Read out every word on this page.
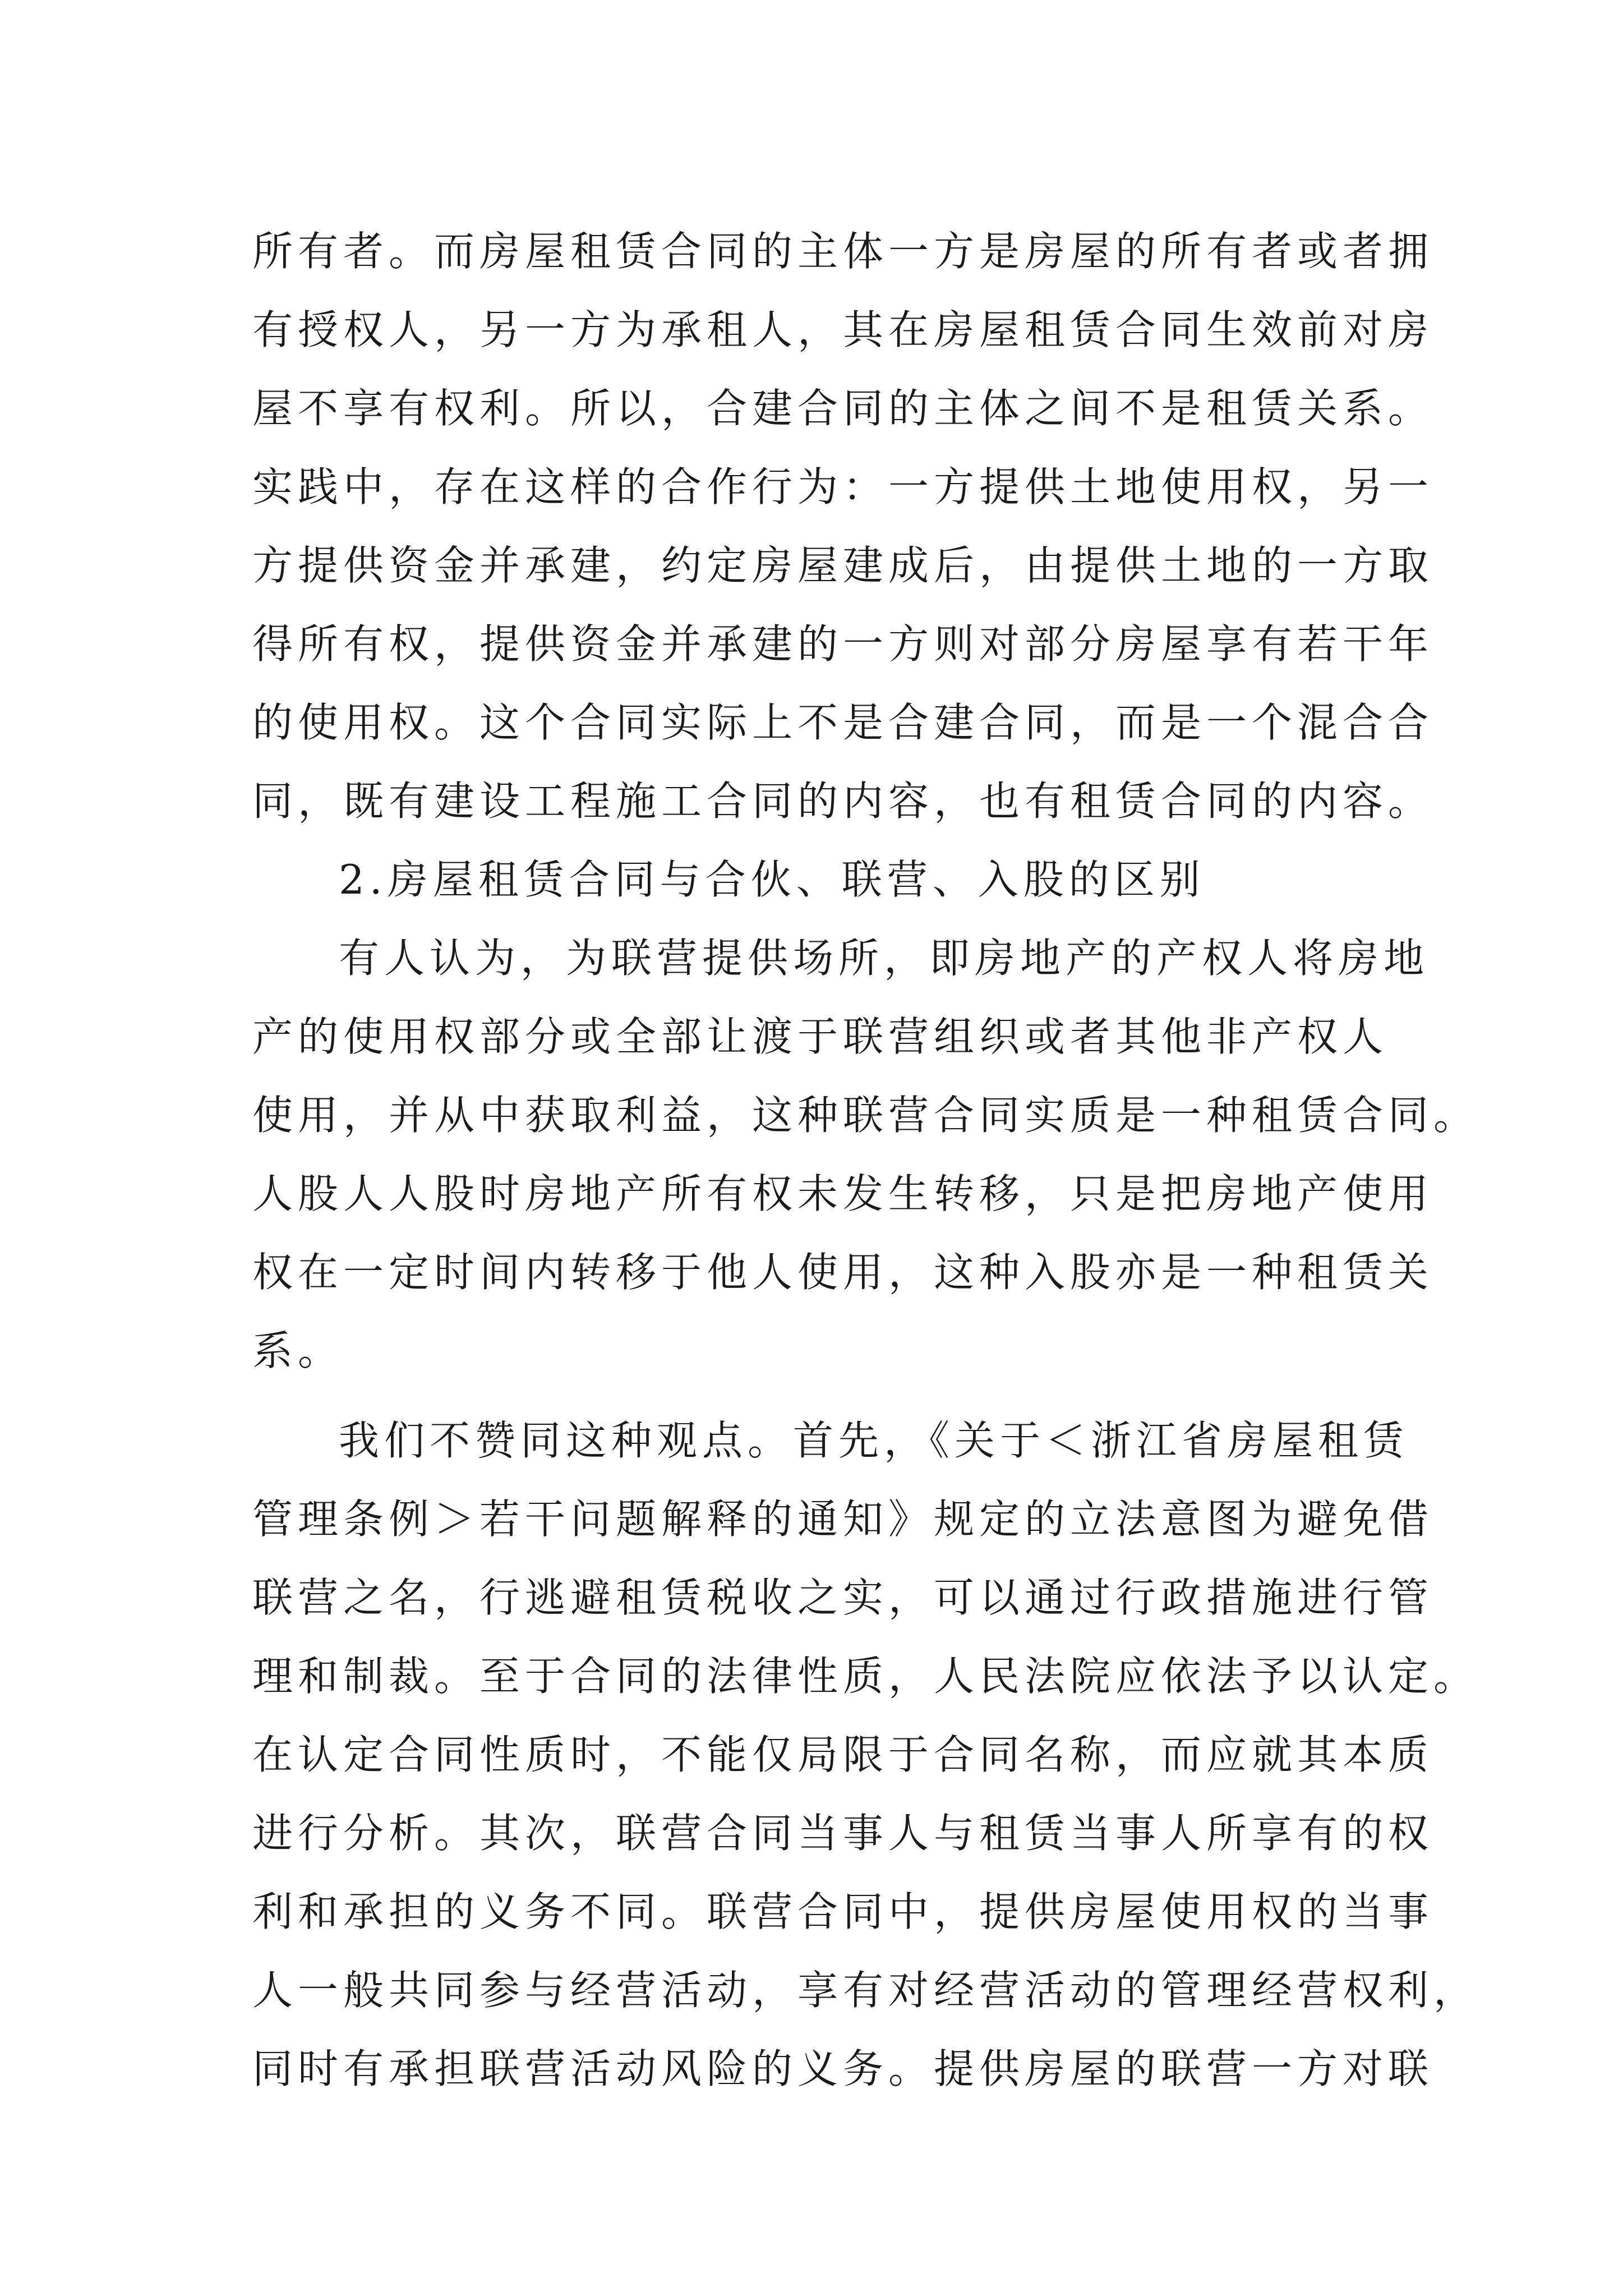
所有者。而房屋租赁合同的主体一方是房屋的所有者或者拥
有授权人，另一方为承租人，其在房屋租赁合同生效前对房
屋不享有权利。所以，合建合同的主体之间不是租赁关系。
实践中，存在这样的合作行为：一方提供土地使用权，另一
方提供资金并承建，约定房屋建成后，由提供土地的一方取
得所有权，提供资金并承建的一方则对部分房屋享有若干年
的使用权。这个合同实际上不是合建合同，而是一个混合合
同，既有建设工程施工合同的内容，也有租赁合同的内容。
2.房屋租赁合同与合伙、联营、入股的区别
有人认为，为联营提供场所，即房地产的产权人将房地
产的使用权部分或全部让渡于联营组织或者其他非产权人
使用，并从中获取利益，这种联营合同实质是一种租赁合同。
人股人人股时房地产所有权未发生转移，只是把房地产使用
权在一定时间内转移于他人使用，这种入股亦是一种租赁关
系。
我们不赞同这种观点。首先，《关于＜浙江省房屋租赁
管理条例＞若干问题解释的通知》规定的立法意图为避免借
联营之名，行逃避租赁税收之实，可以通过行政措施进行管
理和制裁。至于合同的法律性质，人民法院应依法予以认定。
在认定合同性质时，不能仅局限于合同名称，而应就其本质
进行分析。其次，联营合同当事人与租赁当事人所享有的权
利和承担的义务不同。联营合同中，提供房屋使用权的当事
人一般共同参与经营活动，享有对经营活动的管理经营权利，
同时有承担联营活动风险的义务。提供房屋的联营一方对联
